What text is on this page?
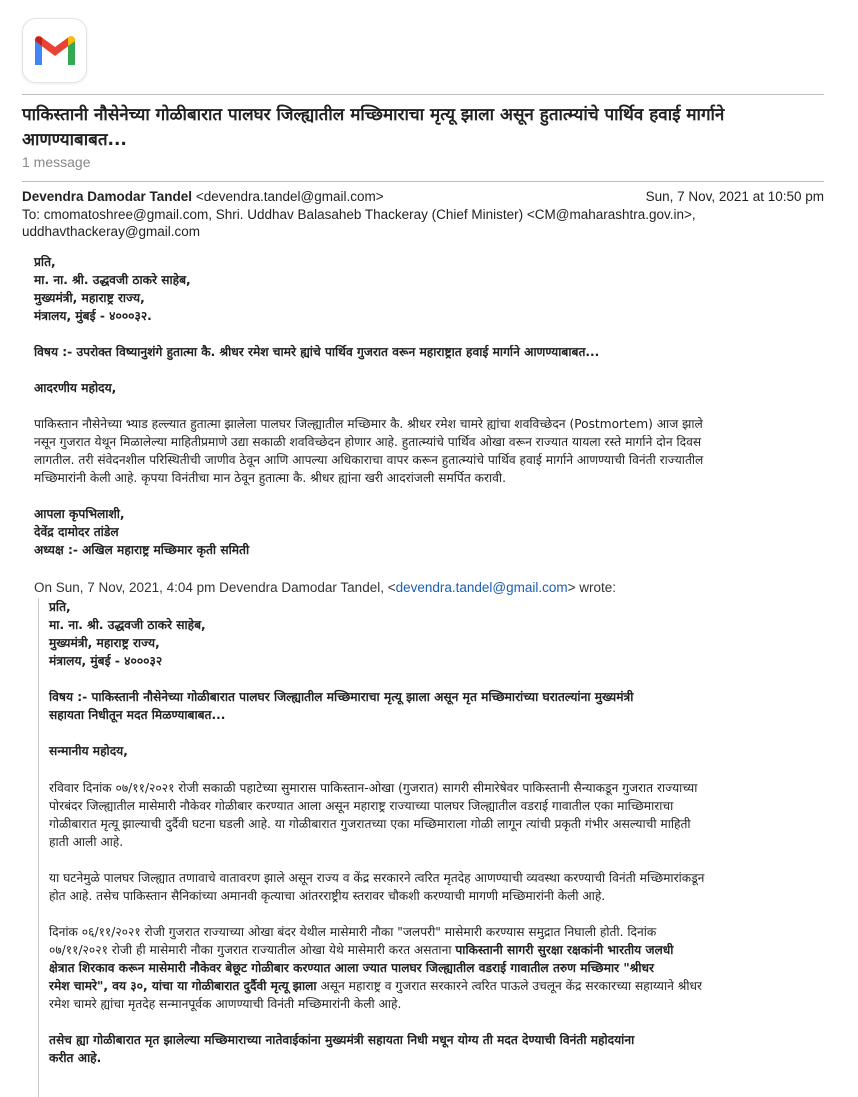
पाकिस्तानी नौसेनेच्या गोळीबारात पालघर जिल्ह्यातील मच्छिमाराचा मृत्यू झाला असून हुतात्म्यांचे पार्थिव हवाई मार्गाने आणण्याबाबत...
1 message
Devendra Damodar Tandel <devendra.tandel@gmail.com>	Sun, 7 Nov, 2021 at 10:50 pm
To: cmomatoshree@gmail.com, Shri. Uddhav Balasaheb Thackeray (Chief Minister) <CM@maharashtra.gov.in>,
uddhavthackeray@gmail.com

प्रति,

मा. ना. श्री. उद्धवजी ठाकरे साहेब,

मुख्यमंत्री, महाराष्ट्र राज्य,

मंत्रालय, मुंबई - ४०००३२.

विषय :- उपरोक्त विष्यानुशंगे हुतात्मा कै. श्रीधर रमेश चामरे ह्यांचे पार्थिव गुजरात वरून महाराष्ट्रात हवाई मार्गाने आणण्याबाबत...

आदरणीय महोदय,

पाकिस्तान नौसेनेच्या भ्याड हल्ल्यात हुतात्मा झालेला पालघर जिल्ह्यातील मच्छिमार कै. श्रीधर रमेश चामरे ह्यांचा शवविच्छेदन (Postmortem) आज झाले

नसून गुजरात येथून मिळालेल्या माहितीप्रमाणे उद्या सकाळी शवविच्छेदन होणार आहे. हुतात्म्यांचे पार्थिव ओखा वरून राज्यात यायला रस्ते मार्गाने दोन दिवस

लागतील. तरी संवेदनशील परिस्थितीची जाणीव ठेवून आणि आपल्या अधिकाराचा वापर करून हुतात्म्यांचे पार्थिव हवाई मार्गाने आणण्याची विनंती राज्यातील

मच्छिमारांनी केली आहे. कृपया विनंतीचा मान ठेवून हुतात्मा कै. श्रीधर ह्यांना खरी आदरांजली समर्पित करावी.

आपला कृपभिलाशी,

देवेंद्र दामोदर तांडेल

अध्यक्ष :- अखिल महाराष्ट्र मच्छिमार कृती समिती

On Sun, 7 Nov, 2021, 4:04 pm Devendra Damodar Tandel, <devendra.tandel@gmail.com> wrote:

प्रति,

मा. ना. श्री. उद्धवजी ठाकरे साहेब,

मुख्यमंत्री, महाराष्ट्र राज्य,

मंत्रालय, मुंबई - ४०००३२

विषय :- पाकिस्तानी नौसेनेच्या गोळीबारात पालघर जिल्ह्यातील मच्छिमाराचा मृत्यू झाला असून मृत मच्छिमारांच्या घरातल्यांना मुख्यमंत्री

सहायता निधीतून मदत मिळण्याबाबत...

सन्मानीय महोदय,

रविवार दिनांक ०७/११/२०२१ रोजी सकाळी पहाटेच्या सुमारास पाकिस्तान-ओखा (गुजरात) सागरी सीमारेषेवर पाकिस्तानी सैन्याकडून गुजरात राज्याच्या

पोरबंदर जिल्ह्यातील मासेमारी नौकेवर गोळीबार करण्यात आला असून महाराष्ट्र राज्याच्या पालघर जिल्ह्यातील वडराई गावातील एका माच्छिमाराचा

गोळीबारात मृत्यू झाल्याची दुर्दैवी घटना घडली आहे. या गोळीबारात गुजरातच्या एका मच्छिमाराला गोळी लागून त्यांची प्रकृती गंभीर असल्याची माहिती

हाती आली आहे.

या घटनेमुळे पालघर जिल्ह्यात तणावाचे वातावरण झाले असून राज्य व केंद्र सरकारने त्वरित मृतदेह आणण्याची व्यवस्था करण्याची विनंती मच्छिमारांकडून

होत आहे. तसेच पाकिस्तान सैनिकांच्या अमानवी कृत्याचा आंतरराष्ट्रीय स्तरावर चौकशी करण्याची मागणी मच्छिमारांनी केली आहे.

दिनांक ०६/११/२०२१ रोजी गुजरात राज्याच्या ओखा बंदर येथील मासेमारी नौका "जलपरी" मासेमारी करण्यास समुद्रात निघाली होती. दिनांक

०७/११/२०२१ रोजी ही मासेमारी नौका गुजरात राज्यातील ओखा येथे मासेमारी करत असताना पाकिस्तानी सागरी सुरक्षा रक्षकांनी भारतीय जलधी

क्षेत्रात शिरकाव करून मासेमारी नौकेवर बेछूट गोळीबार करण्यात आला ज्यात पालघर जिल्ह्यातील वडराई गावातील तरुण मच्छिमार "श्रीधर

रमेश चामरे", वय ३०, यांचा या गोळीबारात दुर्दैवी मृत्यू झाला असून महाराष्ट्र व गुजरात सरकारने त्वरित पाऊले उचलून केंद्र सरकारच्या सहाय्याने श्रीधर

रमेश चामरे ह्यांचा मृतदेह सन्मानपूर्वक आणण्याची विनंती मच्छिमारांनी केली आहे.

तसेच ह्या गोळीबारात मृत झालेल्या मच्छिमाराच्या नातेवाईकांना मुख्यमंत्री सहायता निधी मधून योग्य ती मदत देण्याची विनंती महोदयांना

करीत आहे.
